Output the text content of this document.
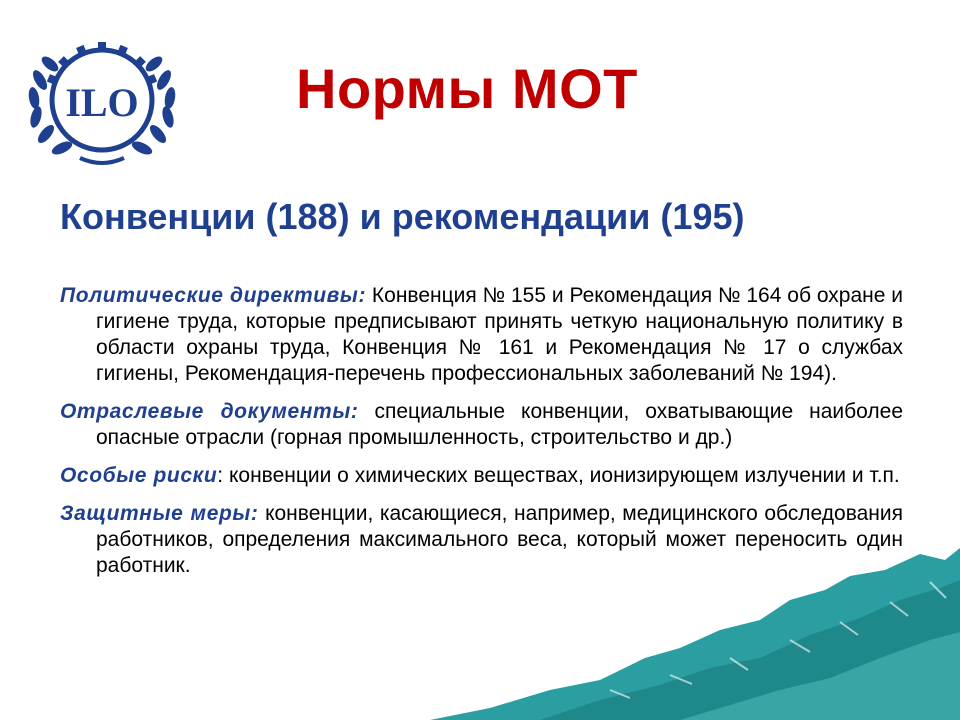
ILO	Нормы МОТ
Конвенции (188) и рекомендации (195)

Политические директивы: Конвенция № 155 и Рекомендация № 164 об охране и гигиене труда, которые предписывают принять четкую национальную политику в области охраны труда, Конвенция № 161 и Рекомендация № 17 о службах гигиены, Рекомендация-перечень профессиональных заболеваний № 194).

Отраслевые документы: специальные конвенции, охватывающие наиболее опасные отрасли (горная промышленность, строительство и др.)

Особые риски: конвенции о химических веществах, ионизирующем излучении и т.п.

Защитные меры: конвенции, касающиеся, например, медицинского обследования работников, определения максимального веса, который может переносить один работник.
